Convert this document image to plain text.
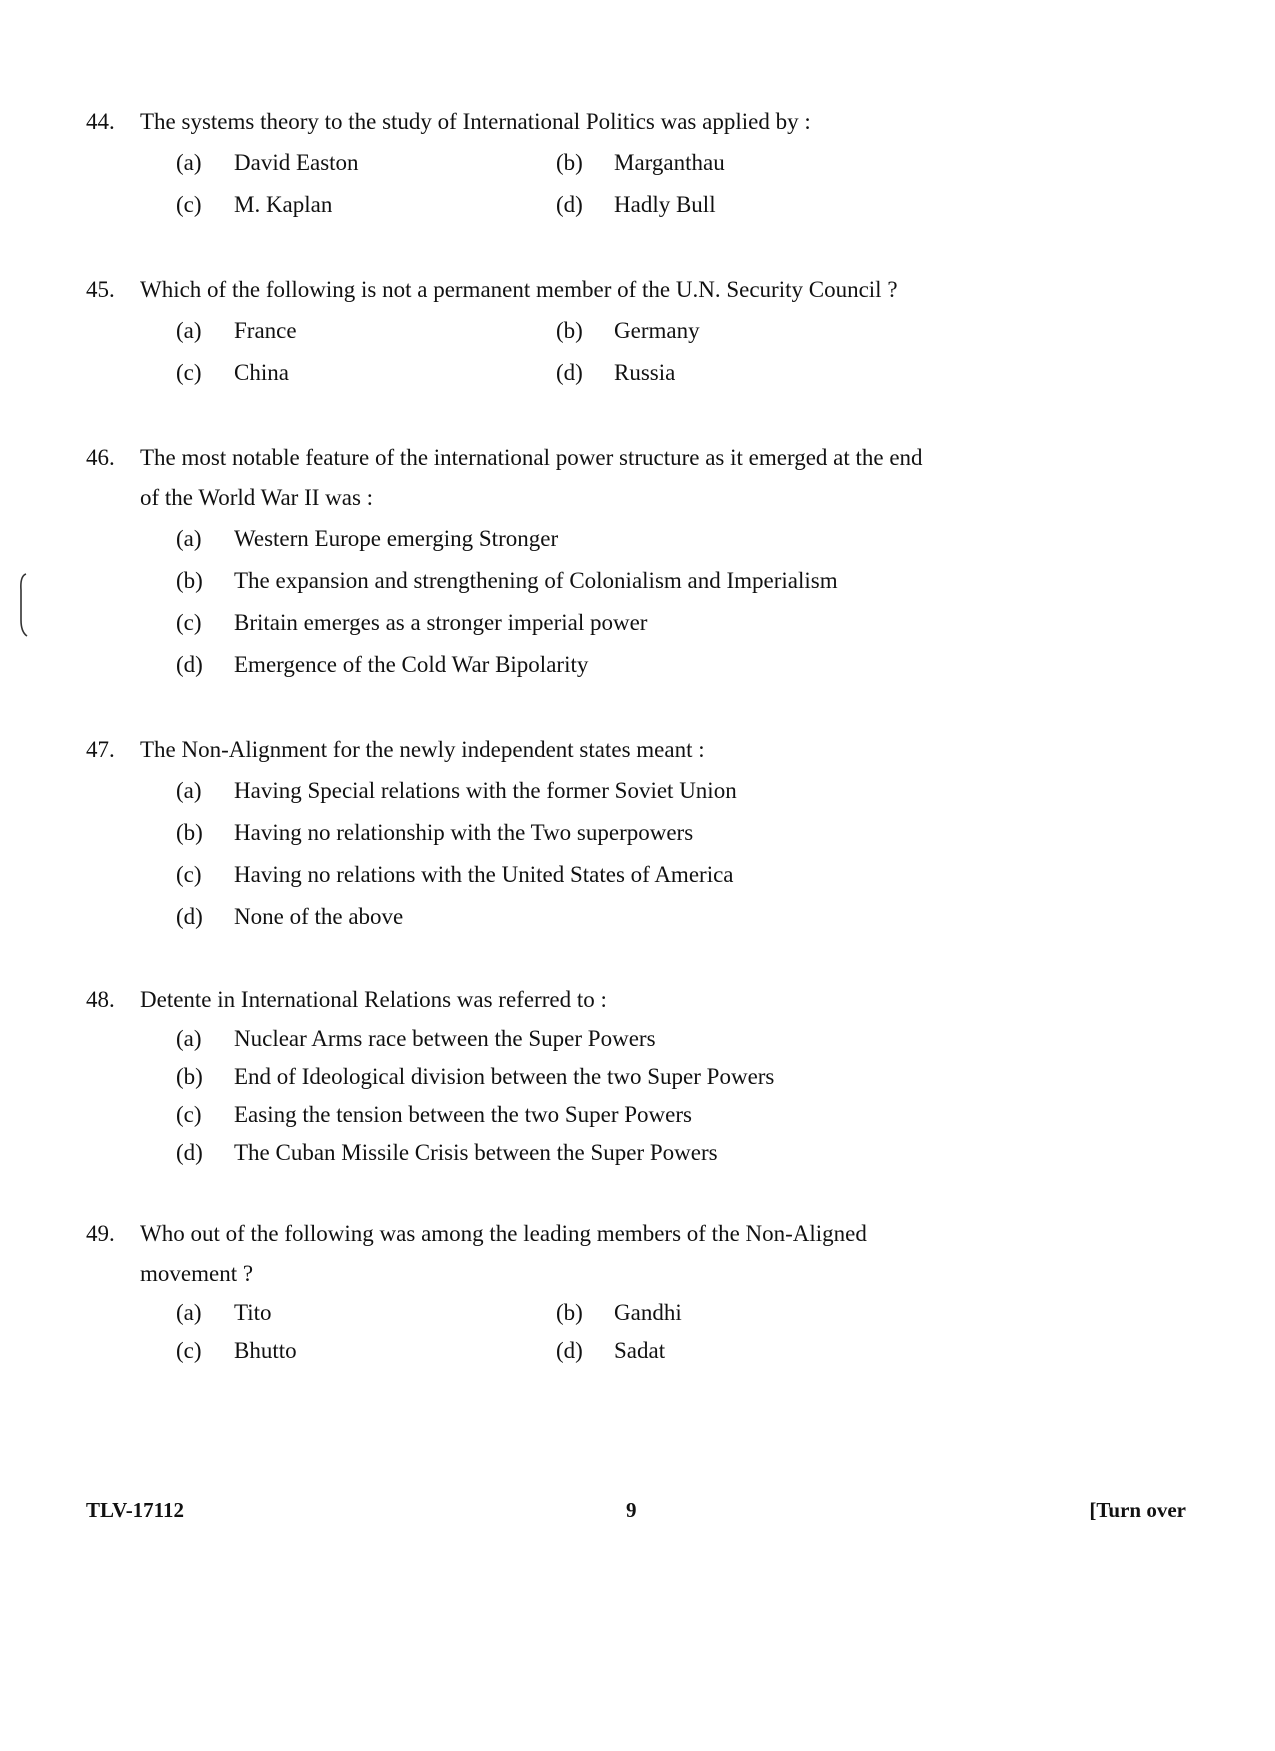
44.	The systems theory to the study of International Politics was applied by :
(a)	David Easton	(b)	Marganthau
(c)	M. Kaplan	(d)	Hadly Bull
45.	Which of the following is not a permanent member of the U.N. Security Council ?
(a)	France	(b)	Germany
(c)	China	(d)	Russia
46.	The most notable feature of the international power structure as it emerged at the end
of the World War II was :
(a)	Western Europe emerging Stronger
(b)	The expansion and strengthening of Colonialism and Imperialism
(c)	Britain emerges as a stronger imperial power
(d)	Emergence of the Cold War Bipolarity
47.	The Non-Alignment for the newly independent states meant :
(a)	Having Special relations with the former Soviet Union
(b)	Having no relationship with the Two superpowers
(c)	Having no relations with the United States of America
(d)	None of the above
48.	Detente in International Relations was referred to :
(a)	Nuclear Arms race between the Super Powers
(b)	End of Ideological division between the two Super Powers
(c)	Easing the tension between the two Super Powers
(d)	The Cuban Missile Crisis between the Super Powers
49.	Who out of the following was among the leading members of the Non-Aligned
movement ?
(a)	Tito	(b)	Gandhi
(c)	Bhutto	(d)	Sadat
TLV-17112	9	[Turn over
